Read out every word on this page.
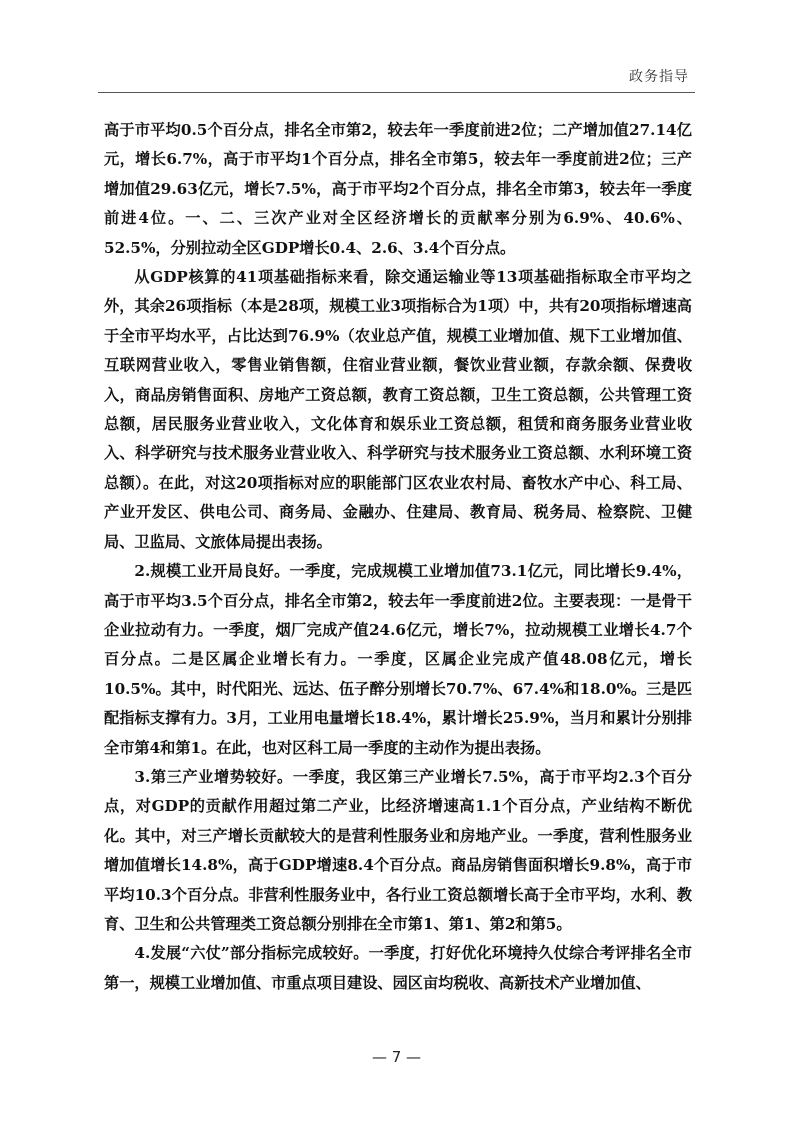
政务指导

高于市平均0.5个百分点，排名全市第2，较去年一季度前进2位；二产增加值27.14亿元，增长6.7%，高于市平均1个百分点，排名全市第5，较去年一季度前进2位；三产增加值29.63亿元，增长7.5%，高于市平均2个百分点，排名全市第3，较去年一季度前进4位。一、二、三次产业对全区经济增长的贡献率分别为6.9%、40.6%、52.5%，分别拉动全区GDP增长0.4、2.6、3.4个百分点。

从GDP核算的41项基础指标来看，除交通运输业等13项基础指标取全市平均之外，其余26项指标（本是28项，规模工业3项指标合为1项）中，共有20项指标增速高于全市平均水平，占比达到76.9%（农业总产值，规模工业增加值、规下工业增加值、互联网营业收入，零售业销售额，住宿业营业额，餐饮业营业额，存款余额、保费收入，商品房销售面积、房地产工资总额，教育工资总额，卫生工资总额，公共管理工资总额，居民服务业营业收入，文化体育和娱乐业工资总额，租赁和商务服务业营业收入、科学研究与技术服务业营业收入、科学研究与技术服务业工资总额、水利环境工资总额）。在此，对这20项指标对应的职能部门区农业农村局、畜牧水产中心、科工局、产业开发区、供电公司、商务局、金融办、住建局、教育局、税务局、检察院、卫健局、卫监局、文旅体局提出表扬。

2.规模工业开局良好。一季度，完成规模工业增加值73.1亿元，同比增长9.4%，高于市平均3.5个百分点，排名全市第2，较去年一季度前进2位。主要表现：一是骨干企业拉动有力。一季度，烟厂完成产值24.6亿元，增长7%，拉动规模工业增长4.7个百分点。二是区属企业增长有力。一季度，区属企业完成产值48.08亿元，增长10.5%。其中，时代阳光、远达、伍子醉分别增长70.7%、67.4%和18.0%。三是匹配指标支撑有力。3月，工业用电量增长18.4%，累计增长25.9%，当月和累计分别排全市第4和第1。在此，也对区科工局一季度的主动作为提出表扬。

3.第三产业增势较好。一季度，我区第三产业增长7.5%，高于市平均2.3个百分点，对GDP的贡献作用超过第二产业，比经济增速高1.1个百分点，产业结构不断优化。其中，对三产增长贡献较大的是营利性服务业和房地产业。一季度，营利性服务业增加值增长14.8%，高于GDP增速8.4个百分点。商品房销售面积增长9.8%，高于市平均10.3个百分点。非营利性服务业中，各行业工资总额增长高于全市平均，水利、教育、卫生和公共管理类工资总额分别排在全市第1、第1、第2和第5。

4.发展“六仗”部分指标完成较好。一季度，打好优化环境持久仗综合考评排名全市第一，规模工业增加值、市重点项目建设、园区亩均税收、高新技术产业增加值、

— 7 —
